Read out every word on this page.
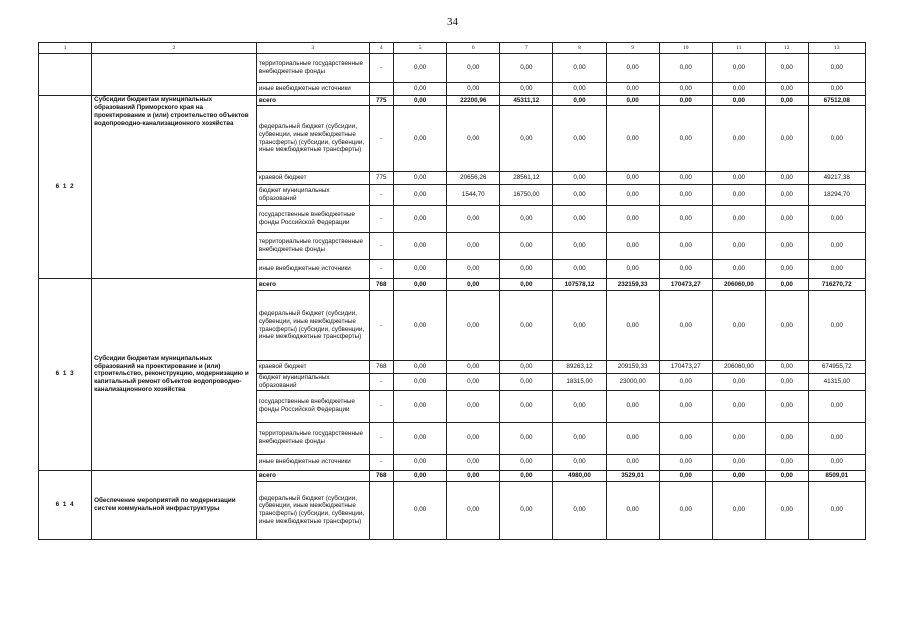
34
1	2	3	4	5	6	7	8	9	10	11	12	13
		территориальные государственные внебюджетные фонды	-	0,00	0,00	0,00	0,00	0,00	0,00	0,00	0,00	0,00
		иные внебюджетные источники		0,00	0,00	0,00	0,00	0,00	0,00	0,00	0,00	0,00
6 1 2	Субсидии бюджетам муниципальных образований Приморского края на проектирование и (или) строительство объектов водопроводно-канализационного хозяйства	всего	775	0,00	22200,96	45311,12	0,00	0,00	0,00	0,00	0,00	67512,08
		федеральный бюджет (субсидии, субвенции, иные межбюджетные трансферты) (субсидии, субвенции, иные межбюджетные трансферты)	-	0,00	0,00	0,00	0,00	0,00	0,00	0,00	0,00	0,00
		краевой бюджет	775	0,00	20656,26	28561,12	0,00	0,00	0,00	0,00	0,00	49217,38
		бюджет муниципальных образований	-	0,00	1544,70	16750,00	0,00	0,00	0,00	0,00	0,00	18294,70
		государственные внебюджетные фонды Российской Федерации	-	0,00	0,00	0,00	0,00	0,00	0,00	0,00	0,00	0,00
		территориальные государственные внебюджетные фонды	-	0,00	0,00	0,00	0,00	0,00	0,00	0,00	0,00	0,00
		иные внебюджетные источники	-	0,00	0,00	0,00	0,00	0,00	0,00	0,00	0,00	0,00
6 1 3	Субсидии бюджетам муниципальных образований на проектирование и (или) строительство, реконструкцию, модернизацию и капитальный ремонт объектов водопроводно-канализационного хозяйства	всего	768	0,00	0,00	0,00	107578,12	232159,33	170473,27	206060,00	0,00	716270,72
		федеральный бюджет (субсидии, субвенции, иные межбюджетные трансферты) (субсидии, субвенции, иные межбюджетные трансферты)	-	0,00	0,00	0,00	0,00	0,00	0,00	0,00	0,00	0,00
		краевой бюджет	768	0,00	0,00	0,00	89263,12	209159,33	170473,27	206060,00	0,00	674955,72
		бюджет муниципальных образований	-	0,00	0,00	0,00	18315,00	23000,00	0,00	0,00	0,00	41315,00
		государственные внебюджетные фонды Российской Федерации	-	0,00	0,00	0,00	0,00	0,00	0,00	0,00	0,00	0,00
		территориальные государственные внебюджетные фонды	-	0,00	0,00	0,00	0,00	0,00	0,00	0,00	0,00	0,00
		иные внебюджетные источники	-	0,00	0,00	0,00	0,00	0,00	0,00	0,00	0,00	0,00
6 1 4	Обеспечение мероприятий по модернизации систем коммунальной инфраструктуры	всего	768	0,00	0,00	0,00	4980,00	3529,01	0,00	0,00	0,00	8509,01
		федеральный бюджет (субсидии, субвенции, иные межбюджетные трансферты) (субсидии, субвенции, иные межбюджетные трансферты)		0,00	0,00	0,00	0,00	0,00	0,00	0,00	0,00	0,00
